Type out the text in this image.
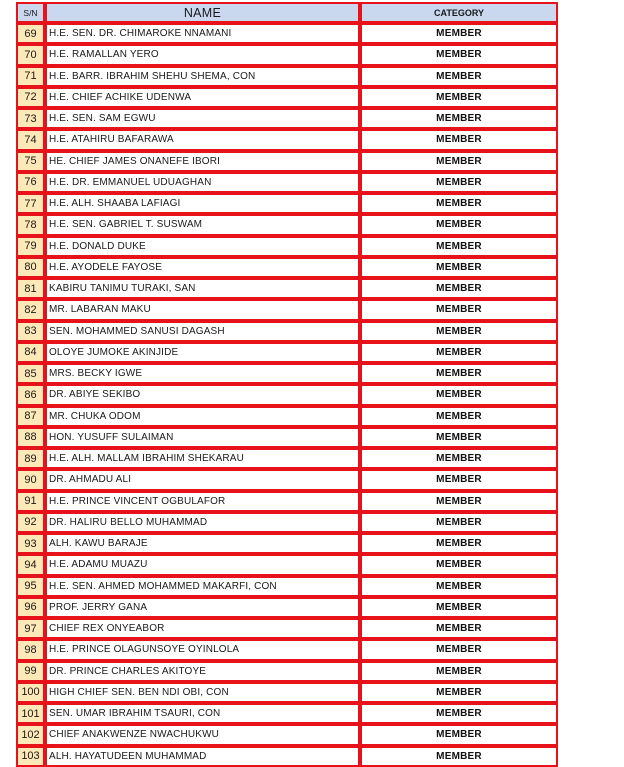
S/N	NAME	CATEGORY
69	H.E. SEN. DR. CHIMAROKE NNAMANI	MEMBER
70	H.E. RAMALLAN YERO	MEMBER
71	H.E. BARR. IBRAHIM SHEHU SHEMA, CON	MEMBER
72	H.E. CHIEF ACHIKE UDENWA	MEMBER
73	H.E. SEN. SAM EGWU	MEMBER
74	H.E. ATAHIRU BAFARAWA	MEMBER
75	HE. CHIEF JAMES ONANEFE IBORI	MEMBER
76	H.E. DR. EMMANUEL UDUAGHAN	MEMBER
77	H.E. ALH. SHAABA LAFIAGI	MEMBER
78	H.E. SEN. GABRIEL T. SUSWAM	MEMBER
79	H.E. DONALD DUKE	MEMBER
80	H.E. AYODELE FAYOSE	MEMBER
81	KABIRU TANIMU TURAKI, SAN	MEMBER
82	MR. LABARAN MAKU	MEMBER
83	SEN. MOHAMMED SANUSI DAGASH	MEMBER
84	OLOYE JUMOKE AKINJIDE	MEMBER
85	MRS. BECKY IGWE	MEMBER
86	DR. ABIYE SEKIBO	MEMBER
87	MR. CHUKA ODOM	MEMBER
88	HON. YUSUFF SULAIMAN	MEMBER
89	H.E. ALH. MALLAM IBRAHIM SHEKARAU	MEMBER
90	DR. AHMADU ALI	MEMBER
91	H.E. PRINCE VINCENT OGBULAFOR	MEMBER
92	DR. HALIRU BELLO MUHAMMAD	MEMBER
93	ALH. KAWU BARAJE	MEMBER
94	H.E. ADAMU MUAZU	MEMBER
95	H.E. SEN. AHMED MOHAMMED MAKARFI, CON	MEMBER
96	PROF. JERRY GANA	MEMBER
97	CHIEF REX ONYEABOR	MEMBER
98	H.E. PRINCE OLAGUNSOYE OYINLOLA	MEMBER
99	DR. PRINCE CHARLES AKITOYE	MEMBER
100	HIGH CHIEF SEN. BEN NDI OBI, CON	MEMBER
101	SEN. UMAR IBRAHIM TSAURI, CON	MEMBER
102	CHIEF ANAKWENZE NWACHUKWU	MEMBER
103	ALH. HAYATUDEEN MUHAMMAD	MEMBER
